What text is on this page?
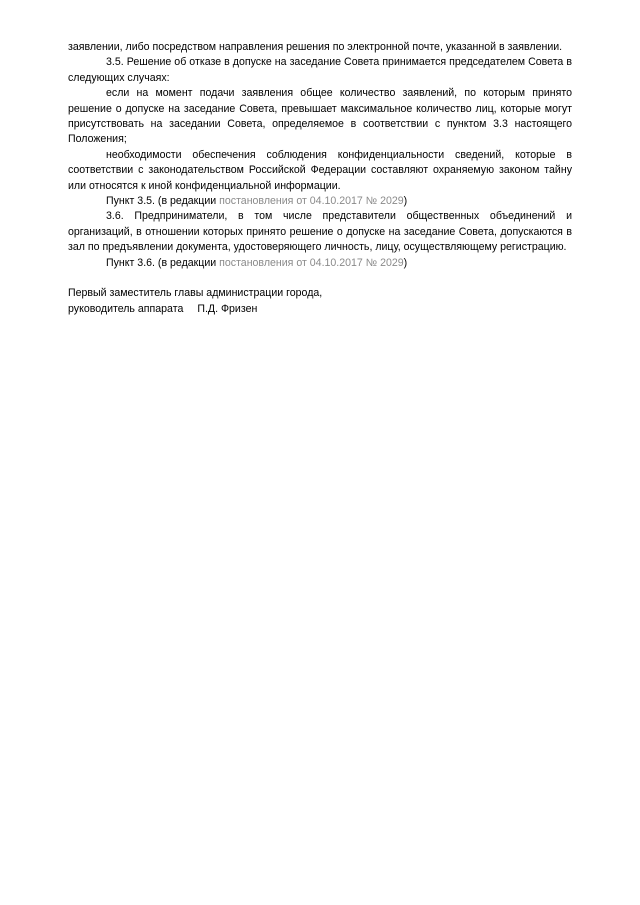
заявлении, либо посредством направления решения по электронной почте, указанной в заявлении.

3.5. Решение об отказе в допуске на заседание Совета принимается председателем Совета в следующих случаях:

если на момент подачи заявления общее количество заявлений, по которым принято решение о допуске на заседание Совета, превышает максимальное количество лиц, которые могут присутствовать на заседании Совета, определяемое в соответствии с пунктом 3.3 настоящего Положения;

необходимости обеспечения соблюдения конфиденциальности сведений, которые в соответствии с законодательством Российской Федерации составляют охраняемую законом тайну или относятся к иной конфиденциальной информации.

Пункт 3.5. (в редакции постановления от 04.10.2017 № 2029)

3.6. Предприниматели, в том числе представители общественных объединений и организаций, в отношении которых принято решение о допуске на заседание Совета, допускаются в зал по предъявлении документа, удостоверяющего личность, лицу, осуществляющему регистрацию.

Пункт 3.6. (в редакции постановления от 04.10.2017 № 2029)

Первый заместитель главы администрации города,

руководитель аппарата П.Д. Фризен
